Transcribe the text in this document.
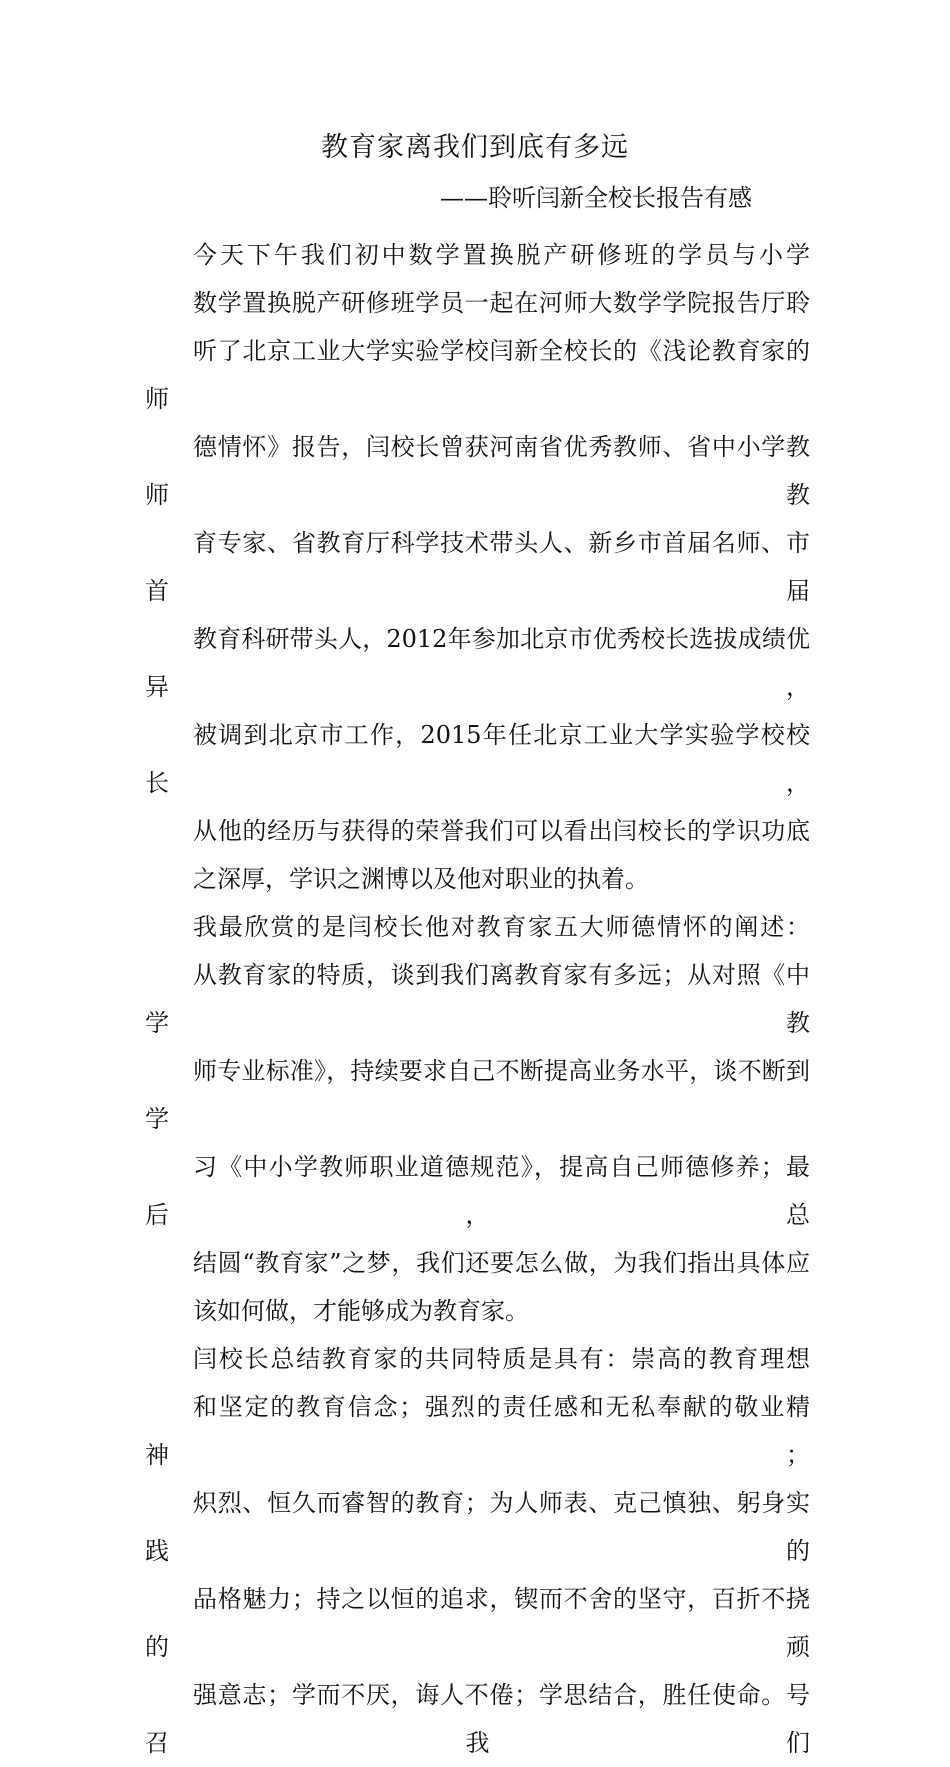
教育家离我们到底有多远
——聆听闫新全校长报告有感
今天下午我们初中数学置换脱产研修班的学员与小学
数学置换脱产研修班学员一起在河师大数学学院报告厅聆
听了北京工业大学实验学校闫新全校长的《浅论教育家的师
德情怀》报告，闫校长曾获河南省优秀教师、省中小学教师教
育专家、省教育厅科学技术带头人、新乡市首届名师、市首届
教育科研带头人，2012年参加北京市优秀校长选拔成绩优异，
被调到北京市工作，2015年任北京工业大学实验学校校长，
从他的经历与获得的荣誉我们可以看出闫校长的学识功底
之深厚，学识之渊博以及他对职业的执着。
我最欣赏的是闫校长他对教育家五大师德情怀的阐述：
从教育家的特质，谈到我们离教育家有多远；从对照《中学教
师专业标准》，持续要求自己不断提高业务水平，谈不断到学
习《中小学教师职业道德规范》，提高自己师德修养；最后，总
结圆“教育家”之梦，我们还要怎么做，为我们指出具体应
该如何做，才能够成为教育家。
闫校长总结教育家的共同特质是具有：崇高的教育理想
和坚定的教育信念；强烈的责任感和无私奉献的敬业精神；
炽烈、恒久而睿智的教育；为人师表、克己慎独、躬身实践的
品格魅力；持之以恒的追求，锲而不舍的坚守，百折不挠的顽
强意志；学而不厌，诲人不倦；学思结合，胜任使命。号召我们
